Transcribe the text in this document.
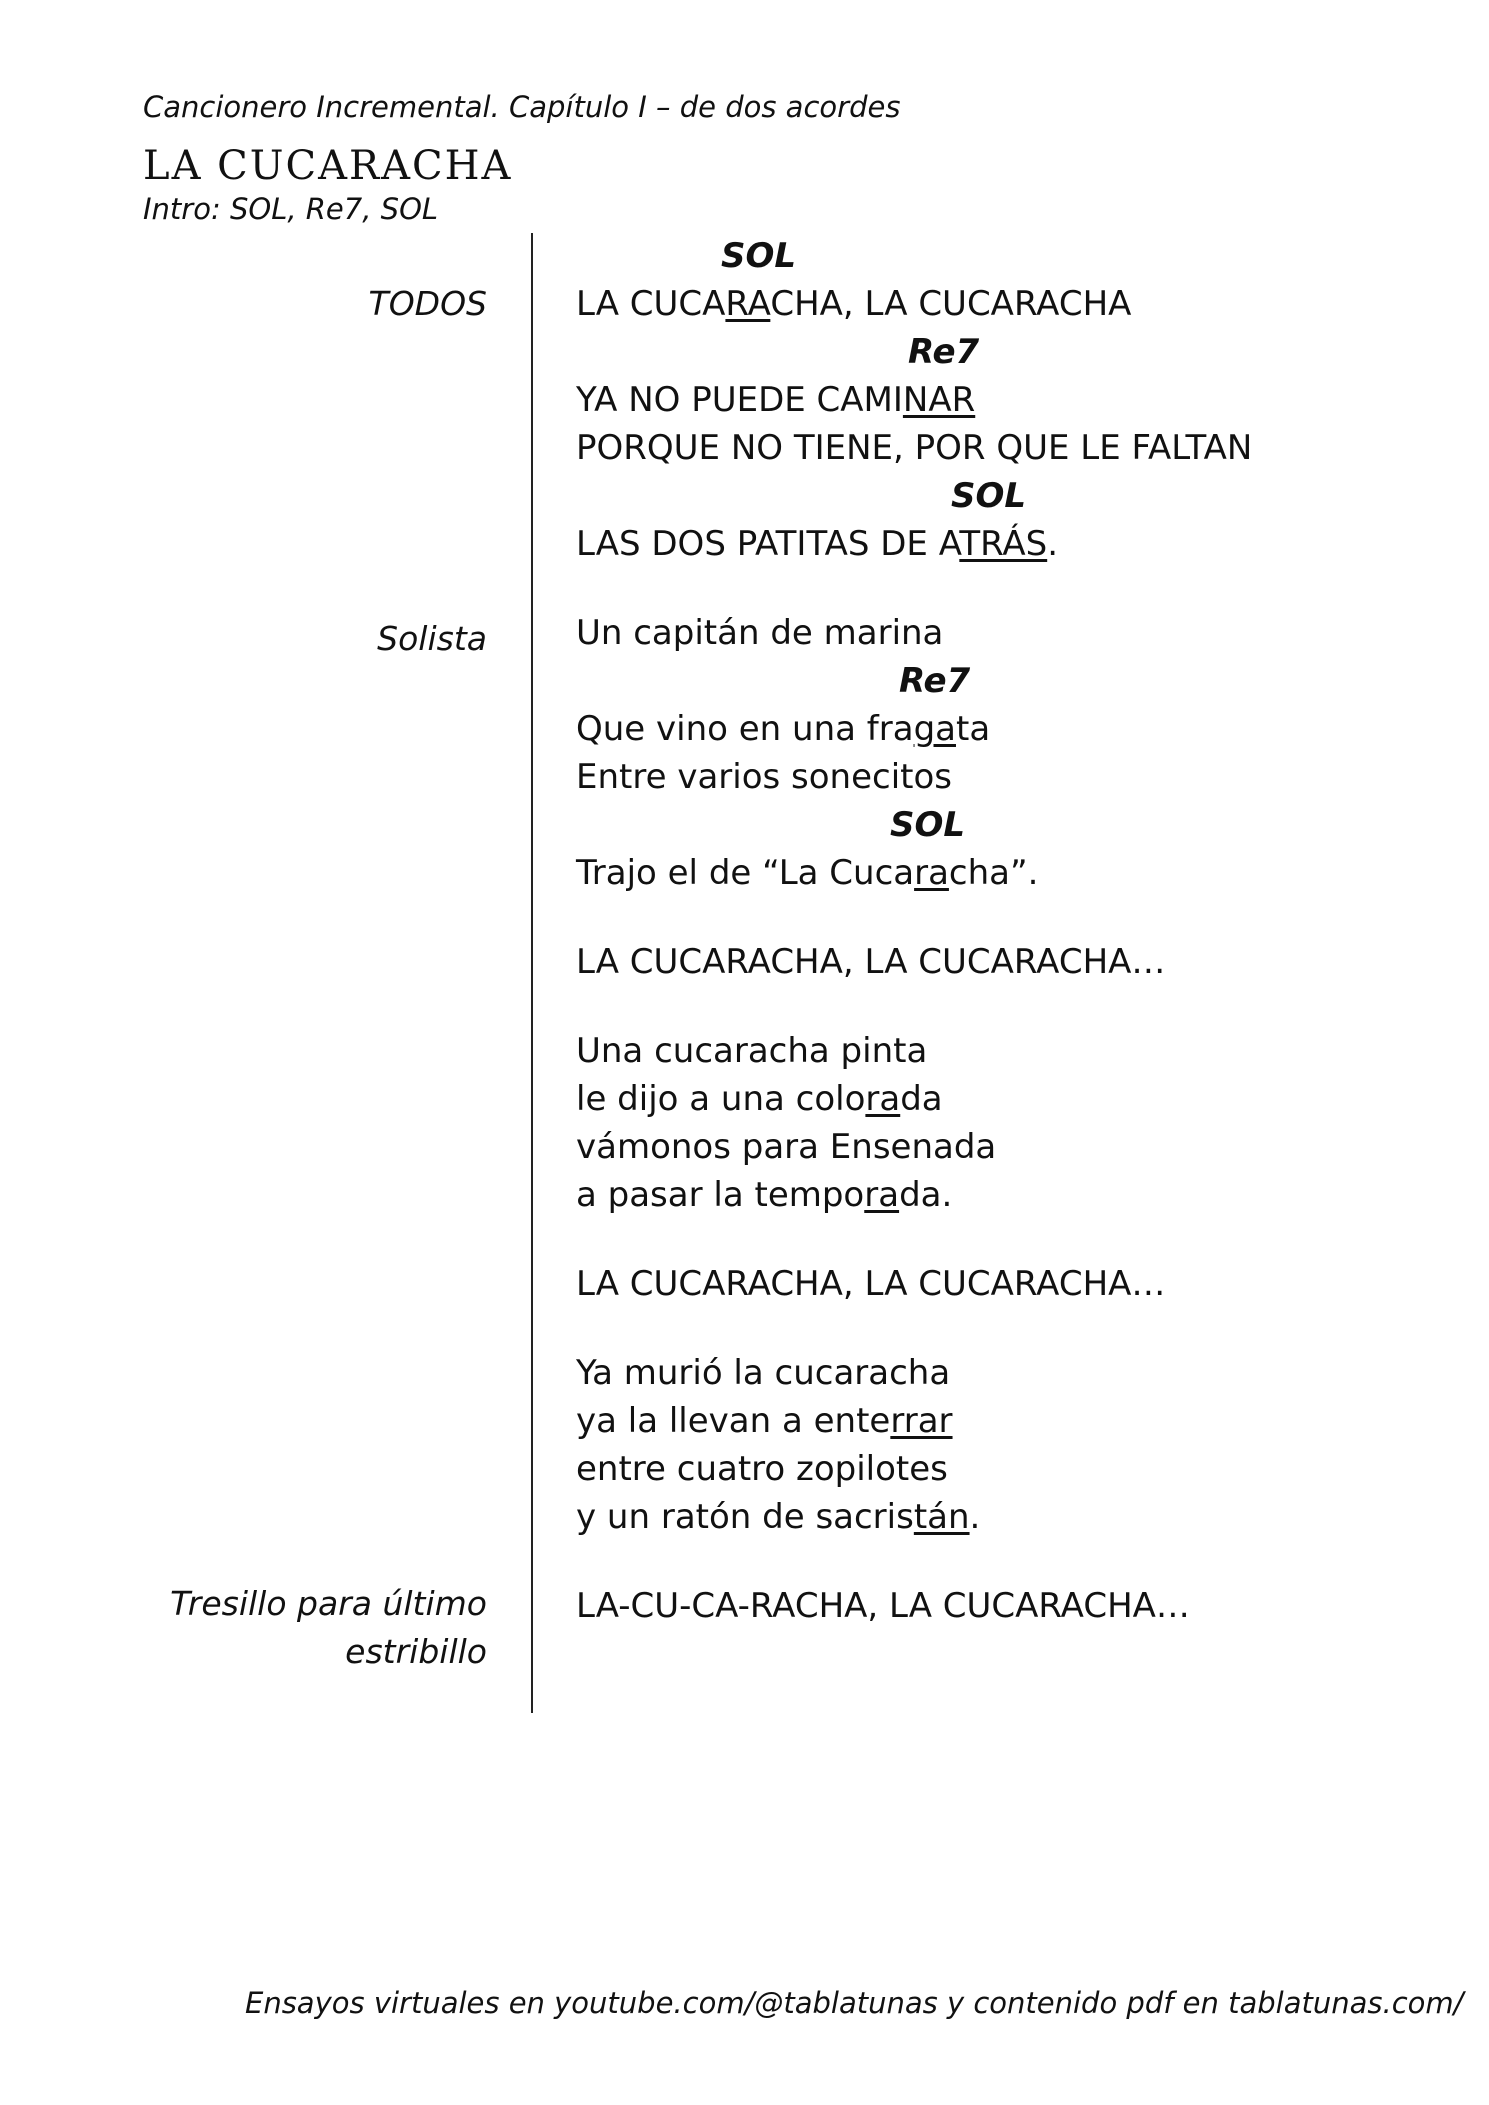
Cancionero Incremental. Capítulo I – de dos acordes
LA CUCARACHA
Intro: SOL, Re7, SOL
TODOS
Solista
Tresillo para último estribillo
SOL
LA CUCARACHA, LA CUCARACHA
Re7
YA NO PUEDE CAMINAR
PORQUE NO TIENE, POR QUE LE FALTAN
SOL
LAS DOS PATITAS DE ATRÁS.
Un capitán de marina
Re7
Que vino en una fragata
Entre varios sonecitos
SOL
Trajo el de “La Cucaracha”.
LA CUCARACHA, LA CUCARACHA…
Una cucaracha pinta
le dijo a una colorada
vámonos para Ensenada
a pasar la temporada.
LA CUCARACHA, LA CUCARACHA…
Ya murió la cucaracha
ya la llevan a enterrar
entre cuatro zopilotes
y un ratón de sacristán.
LA-CU-CA-RACHA, LA CUCARACHA…
Ensayos virtuales en youtube.com/@tablatunas y contenido pdf en tablatunas.com/
